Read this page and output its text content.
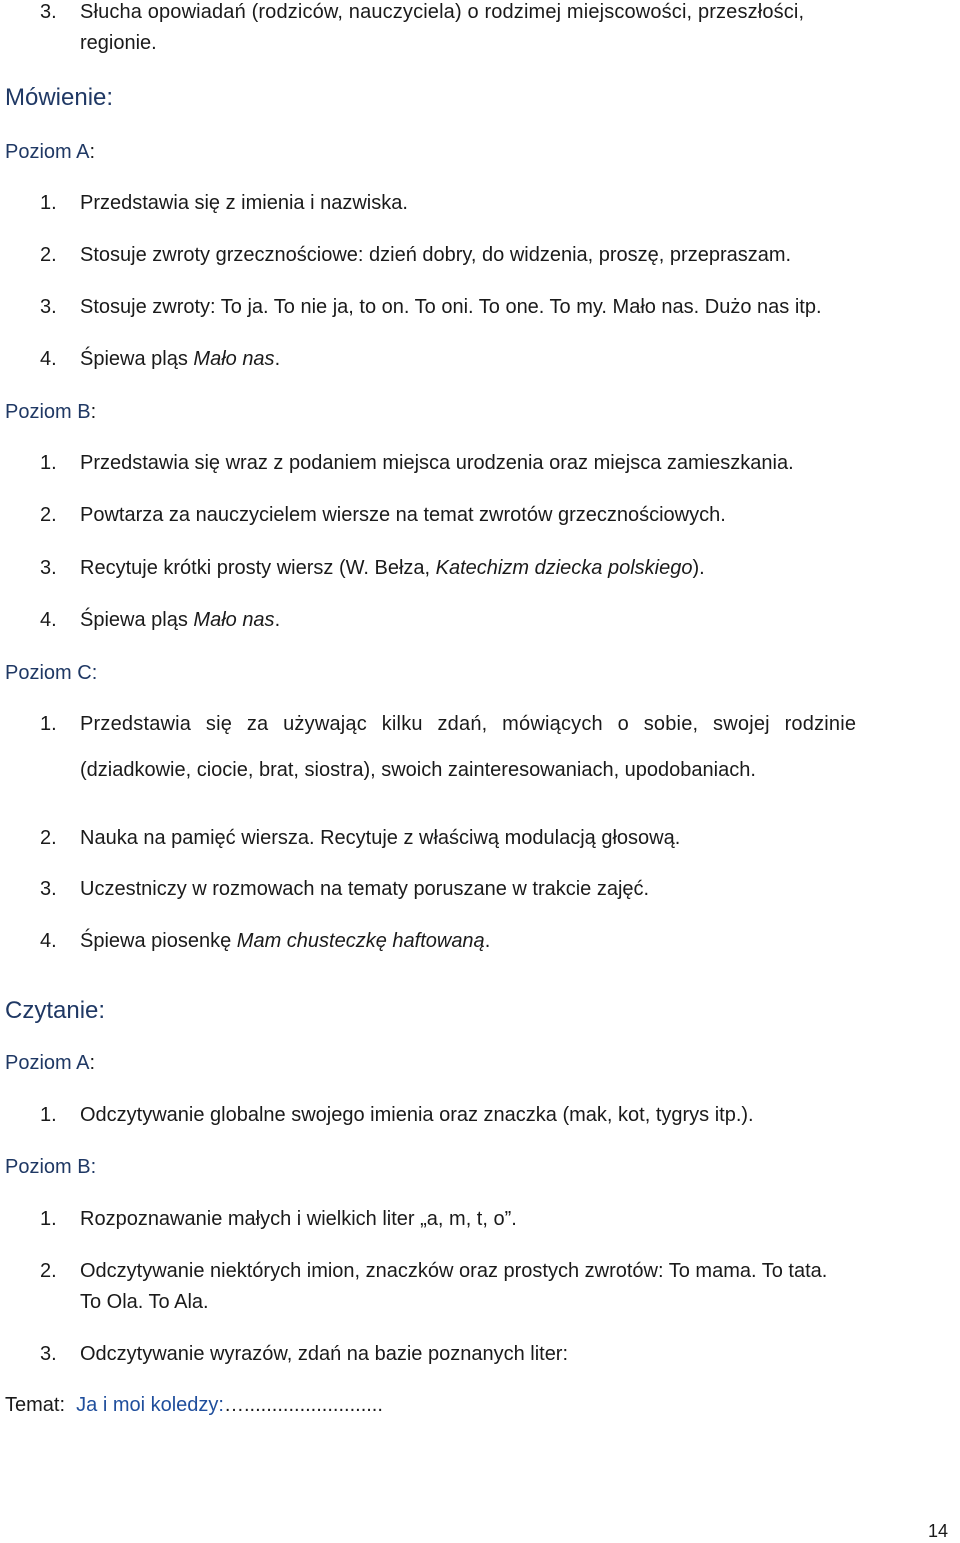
3. Słucha opowiadań (rodziców, nauczyciela) o rodzimej miejscowości, przeszłości,
regionie.
Mówienie:
Poziom A:
1. Przedstawia się z imienia i nazwiska.
2. Stosuje zwroty grzecznościowe: dzień dobry, do widzenia, proszę, przepraszam.
3. Stosuje zwroty: To ja. To nie ja, to on. To oni. To one. To my. Mało nas. Dużo nas itp.
4. Śpiewa pląs Mało nas.
Poziom B:
1. Przedstawia się wraz z podaniem miejsca urodzenia oraz miejsca zamieszkania.
2. Powtarza za nauczycielem wiersze na temat zwrotów grzecznościowych.
3. Recytuje krótki prosty wiersz (W. Bełza, Katechizm dziecka polskiego).
4. Śpiewa pląs Mało nas.
Poziom C:
1. Przedstawia się za używając kilku zdań, mówiących o sobie, swojej rodzinie
(dziadkowie, ciocie, brat, siostra), swoich zainteresowaniach, upodobaniach.
2. Nauka na pamięć wiersza. Recytuje z właściwą modulacją głosową.
3. Uczestniczy w rozmowach na tematy poruszane w trakcie zajęć.
4. Śpiewa piosenkę Mam chusteczkę haftowaną.
Czytanie:
Poziom A:
1. Odczytywanie globalne swojego imienia oraz znaczka (mak, kot, tygrys itp.).
Poziom B:
1. Rozpoznawanie małych i wielkich liter „a, m, t, o”.
2. Odczytywanie niektórych imion, znaczków oraz prostych zwrotów: To mama. To tata.
To Ola. To Ala.
3. Odczytywanie wyrazów, zdań na bazie poznanych liter:
Temat: Ja i moi koledzy:….........................
14
